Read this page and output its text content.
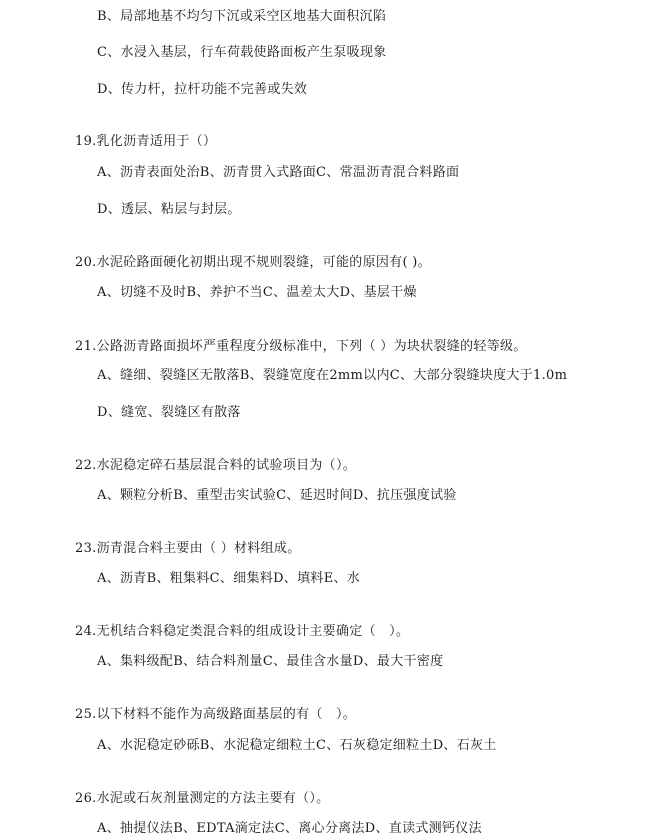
B、局部地基不均匀下沉或采空区地基大面积沉陷
C、水浸入基层，行车荷载使路面板产生泵吸现象
D、传力杆，拉杆功能不完善或失效
19.乳化沥青适用于（）
A、沥青表面处治B、沥青贯入式路面C、常温沥青混合料路面
D、透层、粘层与封层。
20.水泥砼路面硬化初期出现不规则裂缝，可能的原因有( )。
A、切缝不及时B、养护不当C、温差太大D、基层干燥
21.公路沥青路面损坏严重程度分级标准中，下列（ ）为块状裂缝的轻等级。
A、缝细、裂缝区无散落B、裂缝宽度在2mm以内C、大部分裂缝块度大于1.0m
D、缝宽、裂缝区有散落
22.水泥稳定碎石基层混合料的试验项目为（）。
A、颗粒分析B、重型击实试验C、延迟时间D、抗压强度试验
23.沥青混合料主要由（ ）材料组成。
A、沥青B、粗集料C、细集料D、填料E、水
24.无机结合料稳定类混合料的组成设计主要确定（　）。
A、集料级配B、结合料剂量C、最佳含水量D、最大干密度
25.以下材料不能作为高级路面基层的有（　）。
A、水泥稳定砂砾B、水泥稳定细粒土C、石灰稳定细粒土D、石灰土
26.水泥或石灰剂量测定的方法主要有（）。
A、抽提仪法B、EDTA滴定法C、离心分离法D、直读式测钙仪法
